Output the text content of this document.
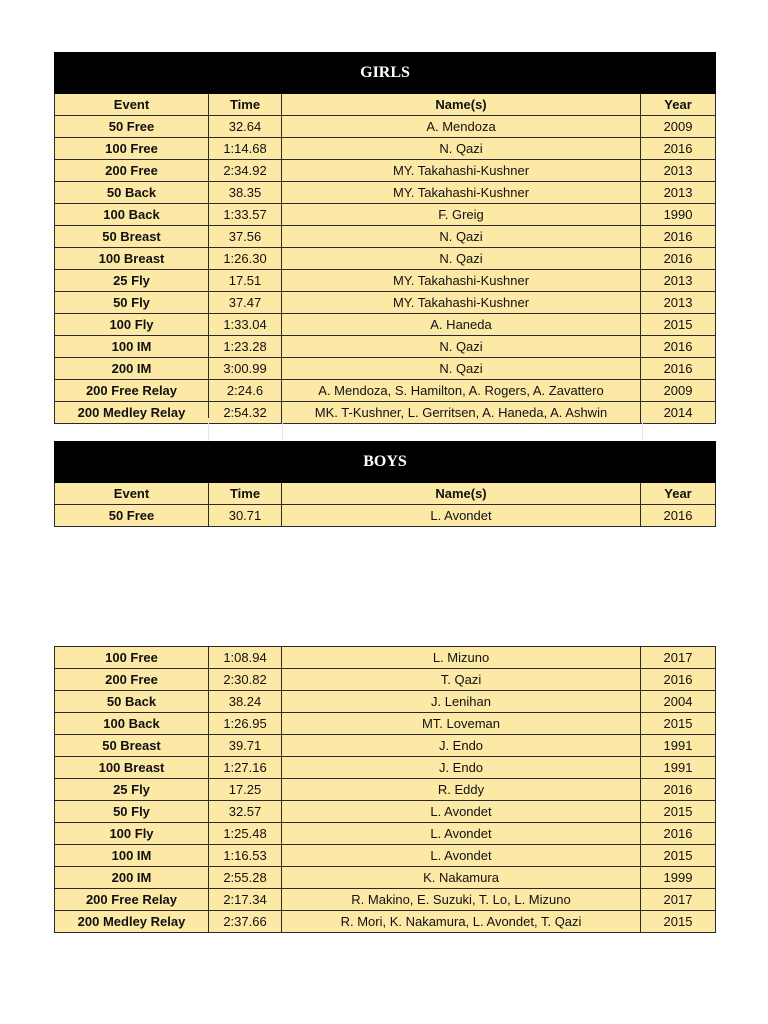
GIRLS			
Event	Time	Name(s)	Year
50 Free	32.64	A. Mendoza	2009
100 Free	1:14.68	N. Qazi	2016
200 Free	2:34.92	MY. Takahashi-Kushner	2013
50 Back	38.35	MY. Takahashi-Kushner	2013
100 Back	1:33.57	F. Greig	1990
50 Breast	37.56	N. Qazi	2016
100 Breast	1:26.30	N. Qazi	2016
25 Fly	17.51	MY. Takahashi-Kushner	2013
50 Fly	37.47	MY. Takahashi-Kushner	2013
100 Fly	1:33.04	A. Haneda	2015
100 IM	1:23.28	N. Qazi	2016
200 IM	3:00.99	N. Qazi	2016
200 Free Relay	2:24.6	A. Mendoza, S. Hamilton, A. Rogers, A. Zavattero	2009
200 Medley Relay	2:54.32	MK. T-Kushner, L. Gerritsen, A. Haneda, A. Ashwin	2014
BOYS			
Event	Time	Name(s)	Year
50 Free	30.71	L. Avondet	2016
100 Free	1:08.94	L. Mizuno	2017
200 Free	2:30.82	T. Qazi	2016
50 Back	38.24	J. Lenihan	2004
100 Back	1:26.95	MT. Loveman	2015
50 Breast	39.71	J. Endo	1991
100 Breast	1:27.16	J. Endo	1991
25 Fly	17.25	R. Eddy	2016
50 Fly	32.57	L. Avondet	2015
100 Fly	1:25.48	L. Avondet	2016
100 IM	1:16.53	L. Avondet	2015
200 IM	2:55.28	K. Nakamura	1999
200 Free Relay	2:17.34	R. Makino, E. Suzuki, T. Lo, L. Mizuno	2017
200 Medley Relay	2:37.66	R. Mori, K. Nakamura, L. Avondet, T. Qazi	2015
